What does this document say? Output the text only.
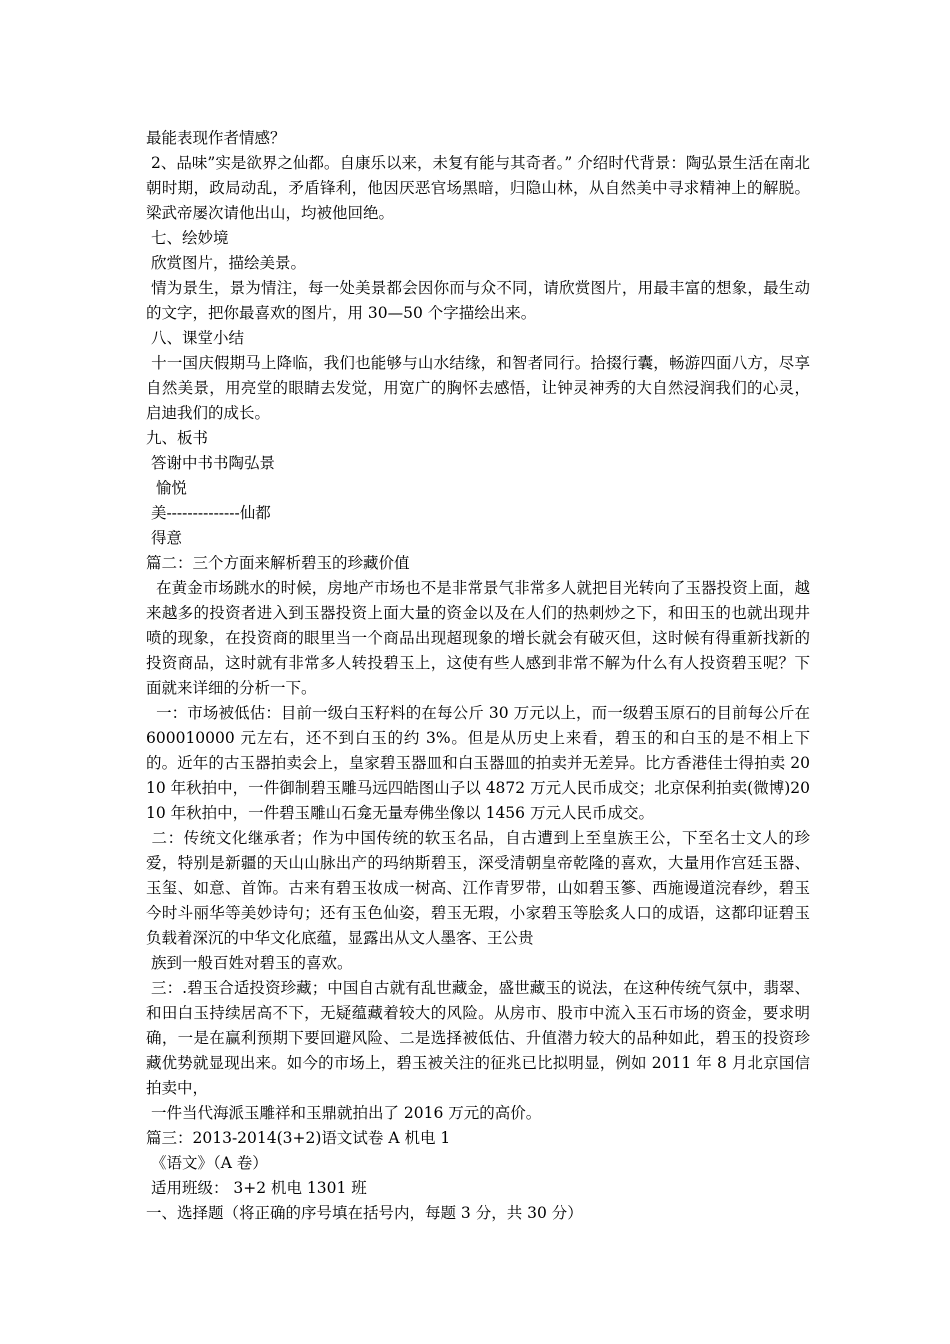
最能表现作者情感？

2、品味”实是欲界之仙都。自康乐以来，未复有能与其奇者。” 介绍时代背景：陶弘景生活在南北朝时期，政局动乱，矛盾锋利，他因厌恶官场黑暗，归隐山林，从自然美中寻求精神上的解脱。梁武帝屡次请他出山，均被他回绝。

七、绘妙境

欣赏图片，描绘美景。

情为景生，景为情注，每一处美景都会因你而与众不同，请欣赏图片，用最丰富的想象，最生动的文字，把你最喜欢的图片，用 30—50 个字描绘出来。

八、课堂小结

十一国庆假期马上降临，我们也能够与山水结缘，和智者同行。拾掇行囊，畅游四面八方，尽享自然美景，用亮堂的眼睛去发觉，用宽广的胸怀去感悟，让钟灵神秀的大自然浸润我们的心灵，启迪我们的成长。

九、板书

答谢中书书陶弘景

愉悦

美--------------仙都

得意

篇二：三个方面来解析碧玉的珍藏价值

在黄金市场跳水的时候，房地产市场也不是非常景气非常多人就把目光转向了玉器投资上面，越来越多的投资者进入到玉器投资上面大量的资金以及在人们的热刺炒之下，和田玉的也就出现井喷的现象，在投资商的眼里当一个商品出现超现象的增长就会有破灭但，这时候有得重新找新的投资商品，这时就有非常多人转投碧玉上，这使有些人感到非常不解为什么有人投资碧玉呢？下面就来详细的分析一下。

一：市场被低估：目前一级白玉籽料的在每公斤 30 万元以上，而一级碧玉原石的目前每公斤在 600010000 元左右，还不到白玉的约 3%。但是从历史上来看，碧玉的和白玉的是不相上下的。近年的古玉器拍卖会上，皇家碧玉器皿和白玉器皿的拍卖并无差异。比方香港佳士得拍卖 2010 年秋拍中，一件御制碧玉雕马远四皓图山子以 4872 万元人民币成交；北京保利拍卖(微博)2010 年秋拍中，一件碧玉雕山石龛无量寿佛坐像以 1456 万元人民币成交。

二：传统文化继承者；作为中国传统的软玉名品，自古遭到上至皇族王公，下至名士文人的珍爱，特别是新疆的天山山脉出产的玛纳斯碧玉，深受清朝皇帝乾隆的喜欢，大量用作宫廷玉器、玉玺、如意、首饰。古来有碧玉妆成一树高、江作青罗带，山如碧玉篸、西施谩道浣春纱，碧玉今时斗丽华等美妙诗句；还有玉色仙姿，碧玉无瑕，小家碧玉等脍炙人口的成语，这都印证碧玉负载着深沉的中华文化底蕴，显露出从文人墨客、王公贵

族到一般百姓对碧玉的喜欢。

三：.碧玉合适投资珍藏；中国自古就有乱世藏金，盛世藏玉的说法，在这种传统气氛中，翡翠、和田白玉持续居高不下，无疑蕴藏着较大的风险。从房市、股市中流入玉石市场的资金，要求明确，一是在赢利预期下要回避风险、二是选择被低估、升值潜力较大的品种如此，碧玉的投资珍藏优势就显现出来。如今的市场上，碧玉被关注的征兆已比拟明显，例如 2011 年 8 月北京国信拍卖中，

一件当代海派玉雕祥和玉鼎就拍出了 2016 万元的高价。

篇三：2013-2014(3+2)语文试卷 A 机电 1

《语文》（A 卷）

适用班级： 3+2 机电 1301 班

一、选择题（将正确的序号填在括号内，每题 3 分，共 30 分）
